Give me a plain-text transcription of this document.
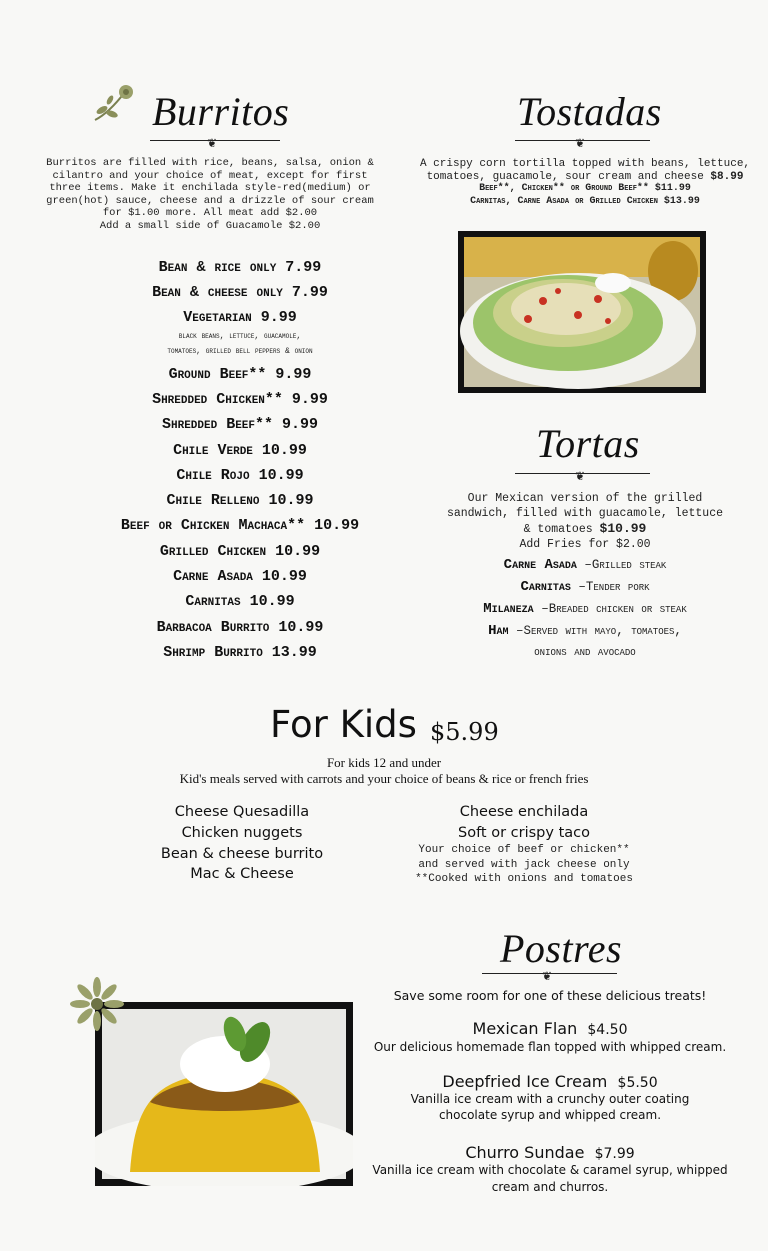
Burritos
❦
Burritos are filled with rice, beans, salsa, onion &
cilantro and your choice of meat, except for first
three items. Make it enchilada style-red(medium) or
green(hot) sauce, cheese and a drizzle of sour cream
for $1.00 more. All meat add $2.00
Add a small side of Guacamole $2.00
Bean & rice only 7.99
Bean & cheese only 7.99
Vegetarian 9.99
black beans, lettuce, guacamole,
tomatoes, grilled bell peppers & onion
Ground Beef** 9.99
Shredded Chicken** 9.99
Shredded Beef** 9.99
Chile Verde 10.99
Chile Rojo 10.99
Chile Relleno 10.99
Beef or Chicken Machaca** 10.99
Grilled Chicken 10.99
Carne Asada 10.99
Carnitas 10.99
Barbacoa Burrito 10.99
Shrimp Burrito 13.99
Tostadas
❦
A crispy corn tortilla topped with beans, lettuce,
tomatoes, guacamole, sour cream and cheese $8.99
Beef**, Chicken** or Ground Beef** $11.99
Carnitas, Carne Asada or Grilled Chicken $13.99
Tortas
❦
Our Mexican version of the grilled
sandwich, filled with guacamole, lettuce
& tomatoes $10.99
Add Fries for $2.00
Carne Asada –Grilled steak
Carnitas –Tender pork
Milaneza –Breaded chicken or steak
Ham –Served with mayo, tomatoes,
onions and avocado
For Kids $5.99
For kids 12 and under
Kid's meals served with carrots and your choice of beans & rice or french fries
Cheese Quesadilla
Chicken nuggets
Bean & cheese burrito
Mac & Cheese
Cheese enchilada
Soft or crispy taco
Your choice of beef or chicken**
and served with jack cheese only
**Cooked with onions and tomatoes
Postres
❦
Save some room for one of these delicious treats!
Mexican Flan $4.50
Our delicious homemade flan topped with whipped cream.
Deepfried Ice Cream $5.50
Vanilla ice cream with a crunchy outer coating
chocolate syrup and whipped cream.
Churro Sundae $7.99
Vanilla ice cream with chocolate & caramel syrup, whipped
cream and churros.
